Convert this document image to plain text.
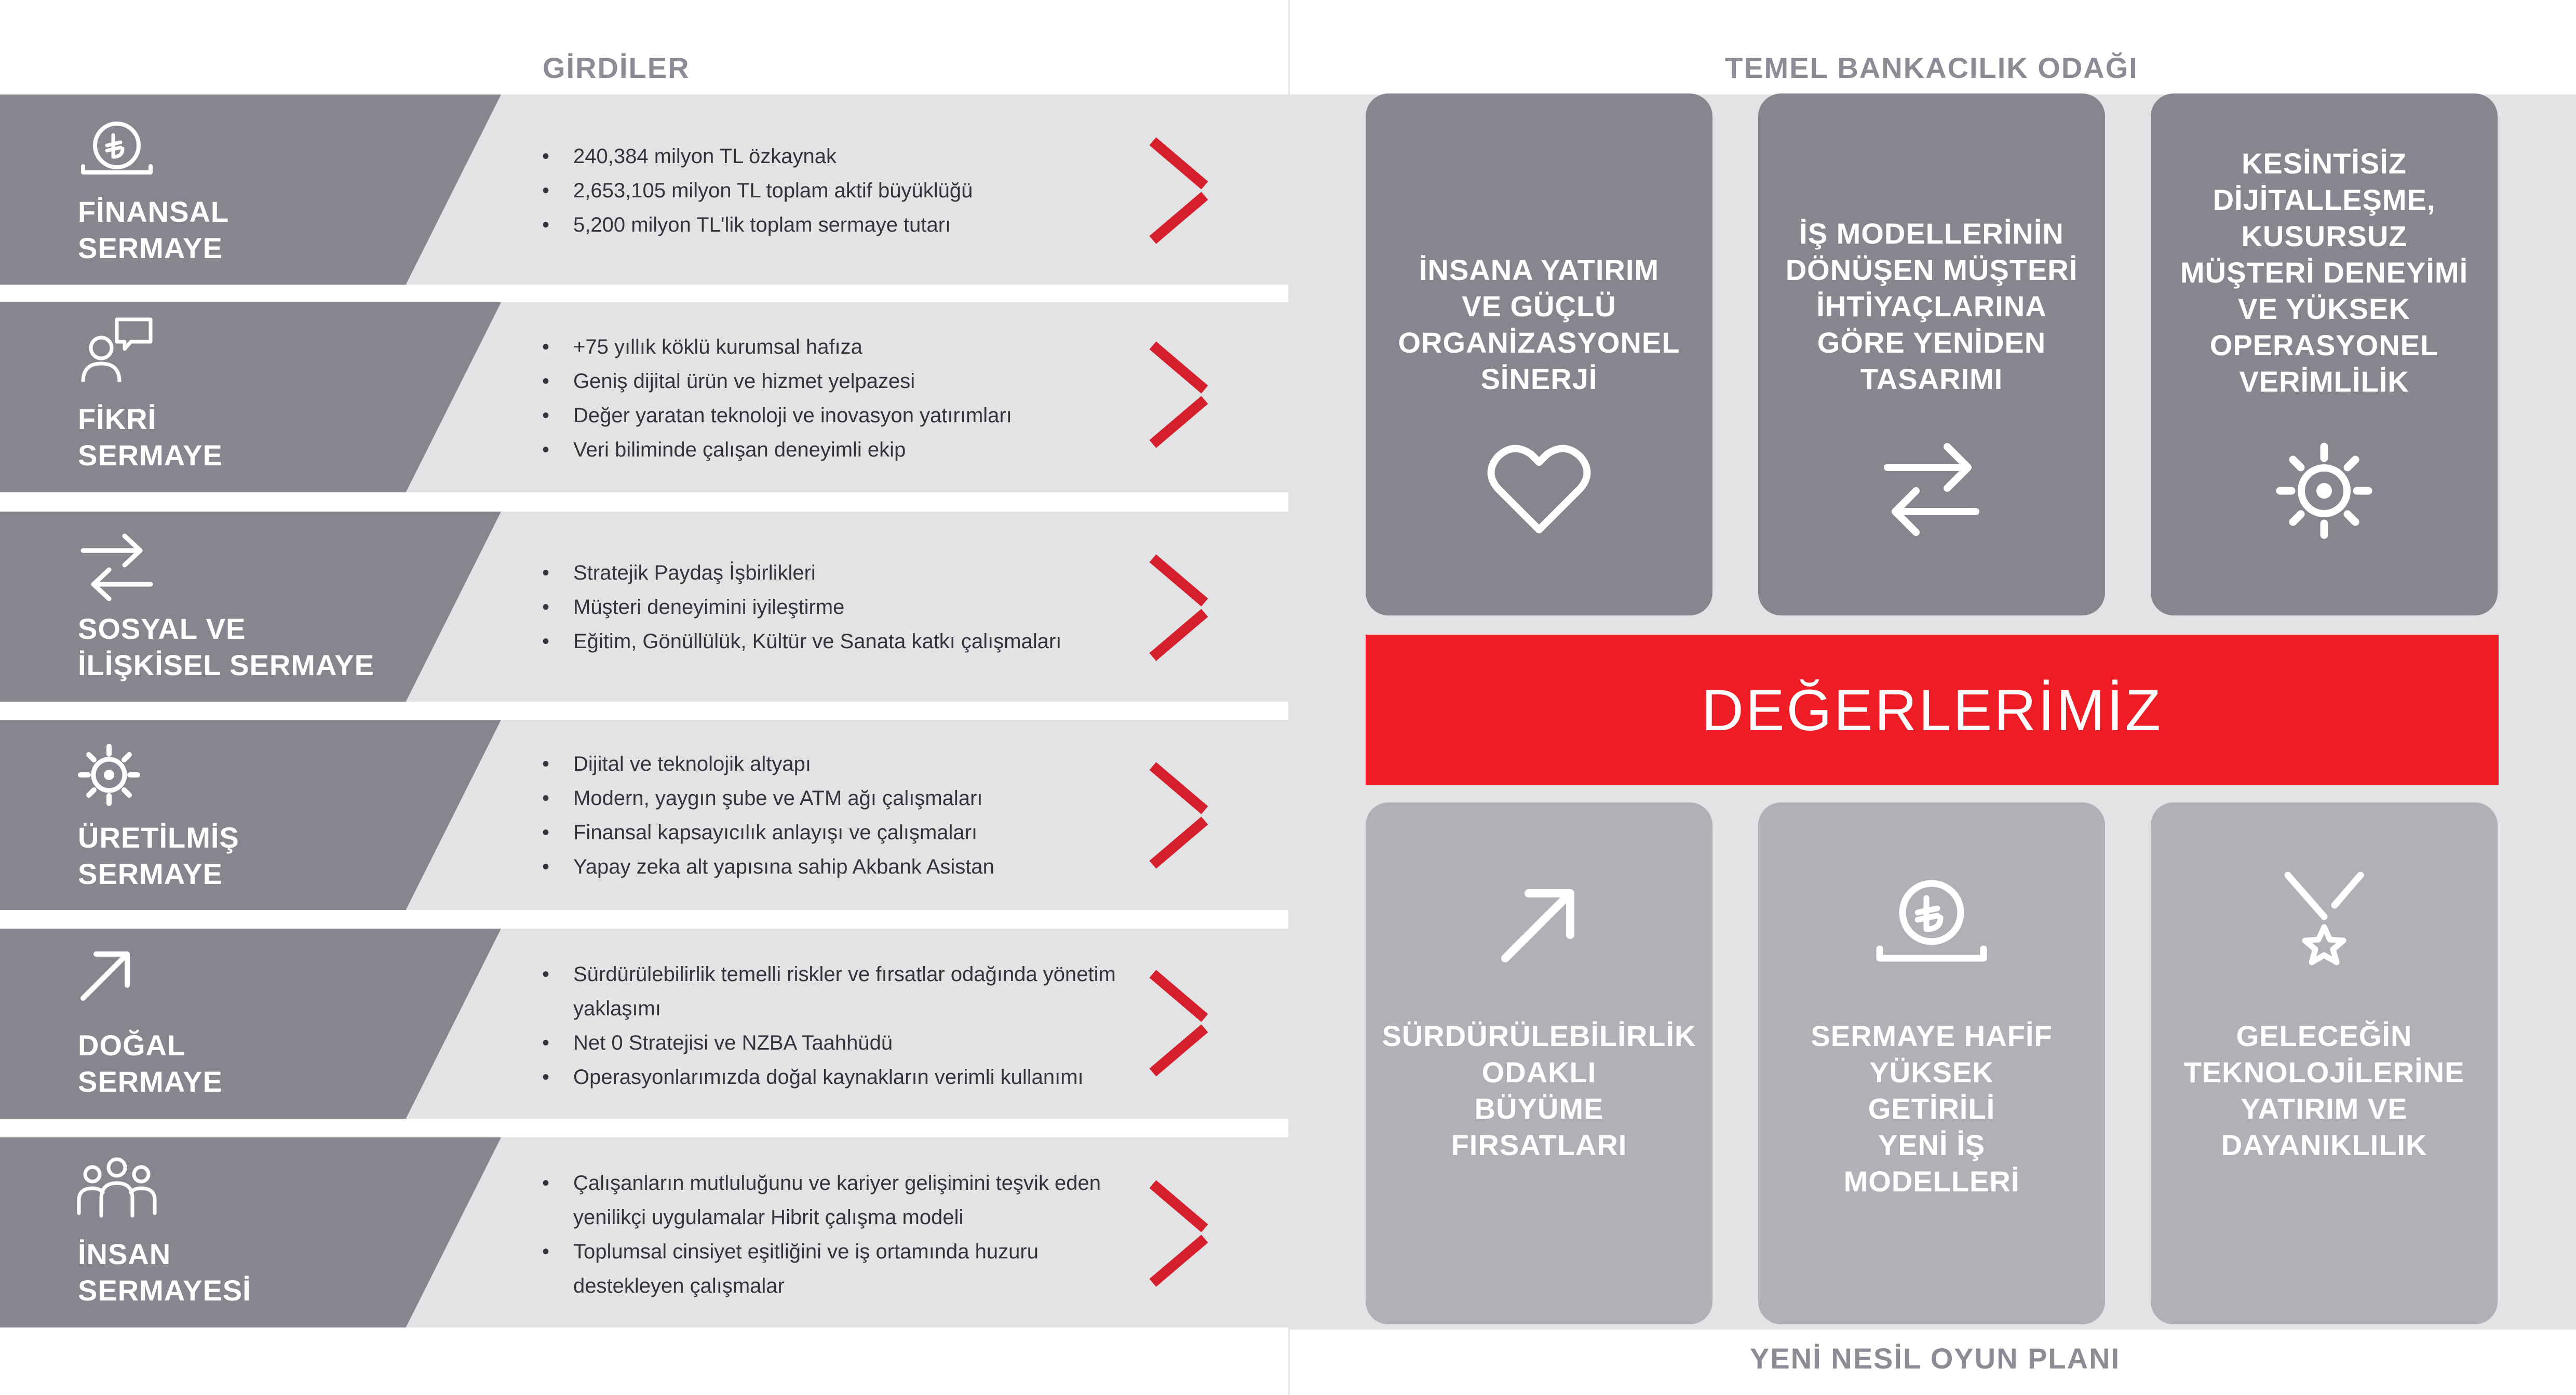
GİRDİLER	TEMEL BANKACILIK ODAĞI
YENİ NESİL OYUN PLANI
FİNANSAL
SERMAYE
• 240,384 milyon TL özkaynak
• 2,653,105 milyon TL toplam aktif büyüklüğü
• 5,200 milyon TL'lik toplam sermaye tutarı
FİKRİ
SERMAYE
• +75 yıllık köklü kurumsal hafıza
• Geniş dijital ürün ve hizmet yelpazesi
• Değer yaratan teknoloji ve inovasyon yatırımları
• Veri biliminde çalışan deneyimli ekip
SOSYAL VE
İLİŞKİSEL SERMAYE
• Stratejik Paydaş İşbirlikleri
• Müşteri deneyimini iyileştirme
• Eğitim, Gönüllülük, Kültür ve Sanata katkı çalışmaları
ÜRETİLMİŞ
SERMAYE
• Dijital ve teknolojik altyapı
• Modern, yaygın şube ve ATM ağı çalışmaları
• Finansal kapsayıcılık anlayışı ve çalışmaları
• Yapay zeka alt yapısına sahip Akbank Asistan
DOĞAL
SERMAYE
• Sürdürülebilirlik temelli riskler ve fırsatlar odağında yönetim yaklaşımı
• Net 0 Stratejisi ve NZBA Taahhüdü
• Operasyonlarımızda doğal kaynakların verimli kullanımı
İNSAN
SERMAYESİ
• Çalışanların mutluluğunu ve kariyer gelişimini teşvik eden yenilikçi uygulamalar Hibrit çalışma modeli
• Toplumsal cinsiyet eşitliğini ve iş ortamında huzuru destekleyen çalışmalar
İNSANA YATIRIM
VE GÜÇLÜ
ORGANİZASYONEL
SİNERJİ
İŞ MODELLERİNİN
DÖNÜŞEN MÜŞTERİ
İHTİYAÇLARINA
GÖRE YENİDEN
TASARIMI
KESİNTİSİZ
DİJİTALLEŞME,
KUSURSUZ
MÜŞTERİ DENEYİMİ
VE YÜKSEK
OPERASYONEL
VERİMLİLİK
DEĞERLERİMİZ
SÜRDÜRÜLEBİLİRLİK
ODAKLI
BÜYÜME
FIRSATLARI
SERMAYE HAFİF
YÜKSEK
GETİRİLİ
YENİ İŞ
MODELLERİ
GELECEĞİN
TEKNOLOJİLERİNE
YATIRIM VE
DAYANIKLILIK
